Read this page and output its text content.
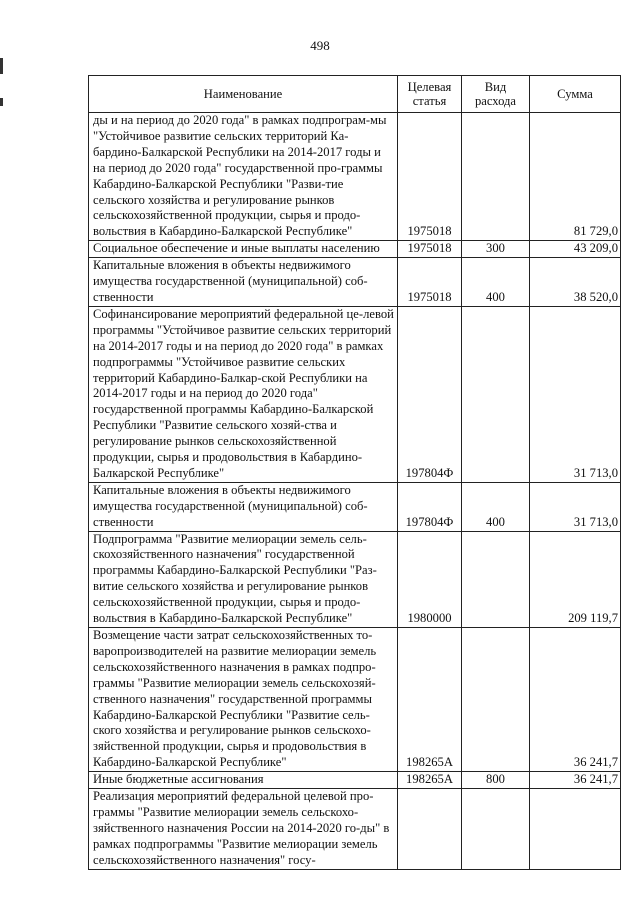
498
Наименование	Целевая статья	Вид расхода	Сумма
ды и на период до 2020 года" в рамках подпрограм-мы "Устойчивое развитие сельских территорий Ка-бардино-Балкарской Республики на 2014-2017 годы и на период до 2020 года" государственной про-граммы Кабардино-Балкарской Республики "Разви-тие сельского хозяйства и регулирование рынков сельскохозяйственной продукции, сырья и продо-вольствия в Кабардино-Балкарской Республике"	1975018		81 729,0
Социальное обеспечение и иные выплаты населению	1975018	300	43 209,0
Капитальные вложения в объекты недвижимого имущества государственной (муниципальной) соб-ственности	1975018	400	38 520,0
Софинансирование мероприятий федеральной це-левой программы "Устойчивое развитие сельских территорий на 2014-2017 годы и на период до 2020 года" в рамках подпрограммы "Устойчивое развитие сельских территорий Кабардино-Балкар-ской Республики на 2014-2017 годы и на период до 2020 года" государственной программы Кабардино-Балкарской Республики "Развитие сельского хозяй-ства и регулирование рынков сельскохозяйственной продукции, сырья и продовольствия в Кабардино-Балкарской Республике"	197804Ф		31 713,0
Капитальные вложения в объекты недвижимого имущества государственной (муниципальной) соб-ственности	197804Ф	400	31 713,0
Подпрограмма "Развитие мелиорации земель сель-скохозяйственного назначения" государственной программы Кабардино-Балкарской Республики "Раз-витие сельского хозяйства и регулирование рынков сельскохозяйственной продукции, сырья и продо-вольствия в Кабардино-Балкарской Республике"	1980000		209 119,7
Возмещение части затрат сельскохозяйственных то-варопроизводителей на развитие мелиорации земель сельскохозяйственного назначения в рамках подпро-граммы "Развитие мелиорации земель сельскохозяй-ственного назначения" государственной программы Кабардино-Балкарской Республики "Развитие сель-ского хозяйства и регулирование рынков сельскохо-зяйственной продукции, сырья и продовольствия в Кабардино-Балкарской Республике"	198265А		36 241,7
Иные бюджетные ассигнования	198265А	800	36 241,7
Реализация мероприятий федеральной целевой про-граммы "Развитие мелиорации земель сельскохо-зяйственного назначения России на 2014-2020 го-ды" в рамках подпрограммы "Развитие мелиорации земель сельскохозяйственного назначения" госу-			
